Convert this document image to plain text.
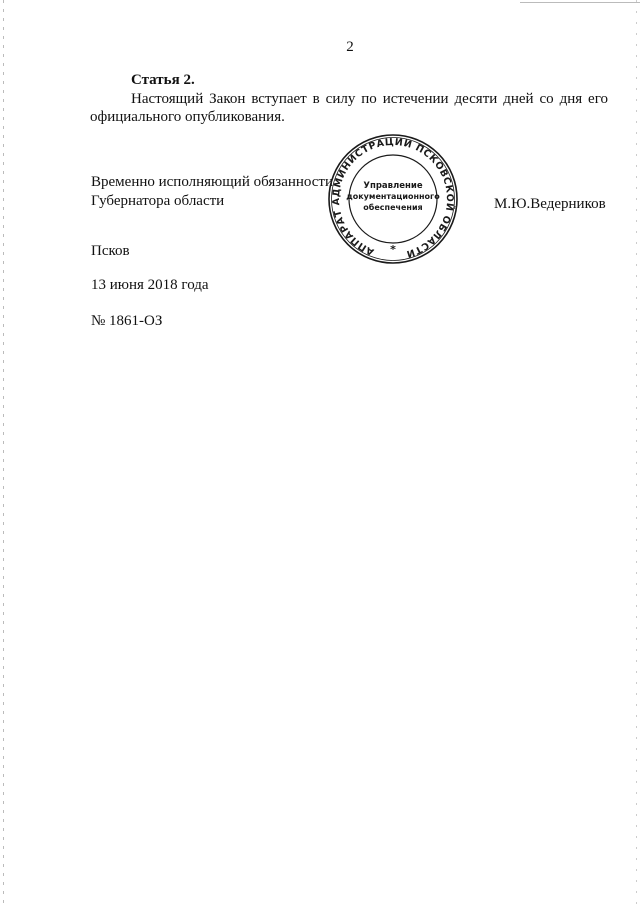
2
Статья 2.
Настоящий Закон вступает в силу по истечении десяти дней со дня его официального опубликования.
Временно исполняющий обязанности
Губернатора области	М.Ю.Ведерников
АППАРАТ АДМИНИСТРАЦИИ ПСКОВСКОЙ ОБЛАСТИ
Управление
документационного
обеспечения
*
Псков
13 июня 2018 года
№ 1861-ОЗ
